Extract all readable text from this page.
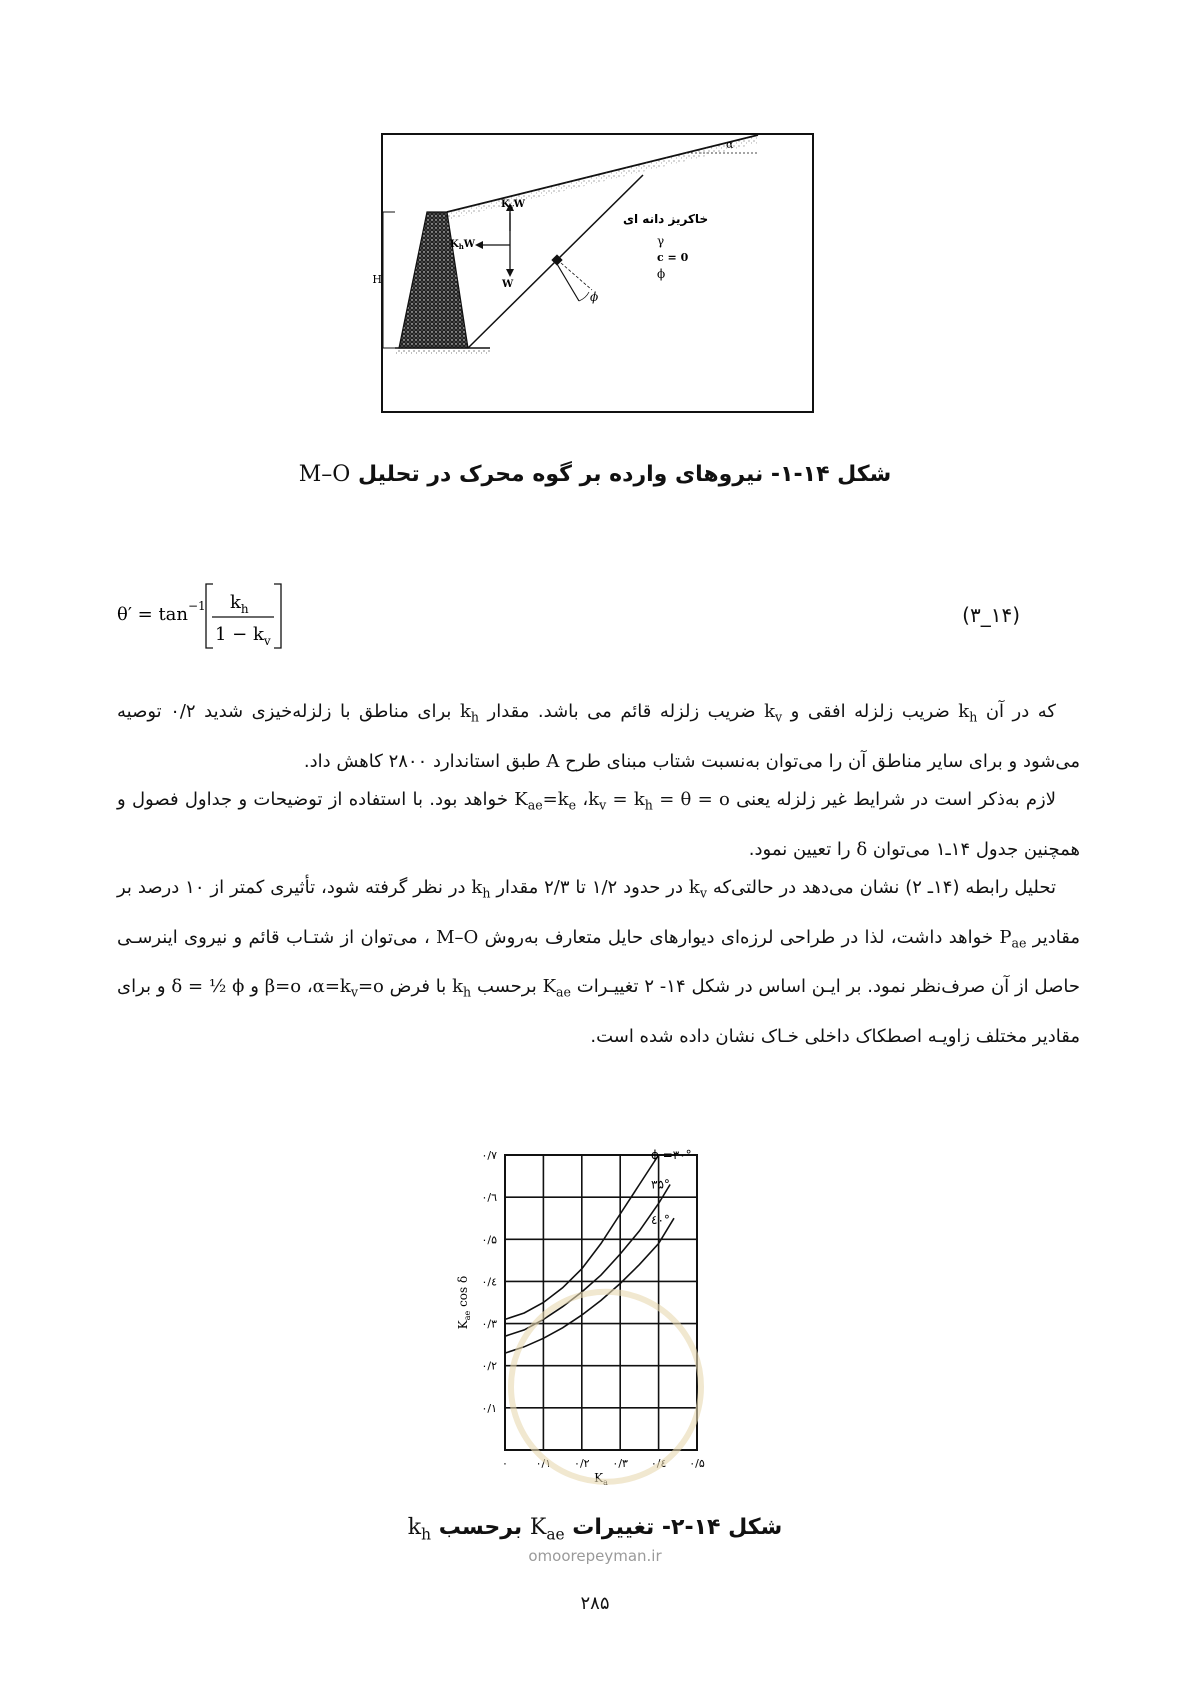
α
$K_vW$
$K_hW$
W
H
خاکریز دانه ای
γ
c = 0
ϕ
ϕ
شکل ۱۴-۱- نیروهای وارده بر گوه محرک در تحلیل M–O
θ′ = tan −1 $k_h$
$1 - k_v$
(۱۴_۳)

که در آن $k_h$ ضریب زلزله افقی و $k_v$ ضریب زلزله قائم می باشد. مقدار $k_h$ برای مناطق با زلزله‌خیزی شدید ۰/۲ توصیه می‌شود و برای سایر مناطق آن را می‌توان به‌نسبت شتاب مبنای طرح A طبق استاندارد ۲۸۰۰ کاهش داد.

لازم به‌ذکر است در شرایط غیر زلزله یعنی $k_v = k_h = \theta$ = o، $K_{ae}=k_e$ خواهد بود. با استفاده از توضیحات و جداول فصول و همچنین جدول ۱۴ـ۱ می‌توان δ را تعیین نمود.

تحلیل رابطه (۱۴ـ ۲) نشان می‌دهد در حالتی‌که $k_v$ در حدود ۱/۲ تا ۲/۳ مقدار $k_h$ در نظر گرفته شود، تأثیری کمتر از ۱۰ درصد بر مقادیر $P_{ae}$ خواهد داشت، لذا در طراحی لرزه‌ای دیوارهای حایل متعارف به‌روش M–O ، می‌توان از شتـاب قائم و نیروی اینرسـی حاصل از آن صرف‌نظر نمود. بر ایـن اساس در شکل ۱۴- ۲ تغییـرات $K_{ae}$ برحسب $k_h$ با فرض $\alpha=k_v=o،$ β=o و δ = ½ ϕ و برای مقادیر مختلف زاویـه اصطکاک داخلی خـاک نشان داده شده است.

۰/۱
۰/۲
۰/۳
۰/٤
۰/۵
۰/٦
۰/۷
۰	۰/۱ ۰/۲ ۰/۳ ۰/٤ ۰/۵
ϕ =۳۰°
۳۵°
٤۰°
$K_a$
$K_{ae}$ cos δ
شکل ۱۴-۲- تغییرات $K_{ae}$ برحسب $k_h$
omoorepeyman.ir
۲۸۵
